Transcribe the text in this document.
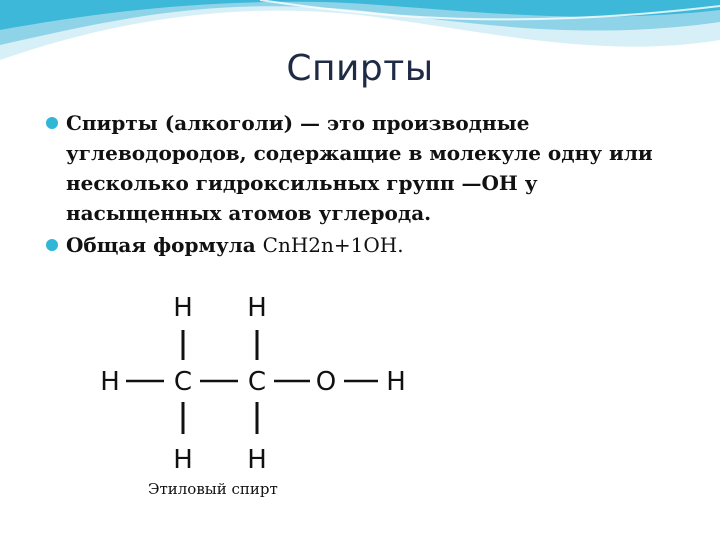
Спирты
Спирты (алкоголи) — это производные углеводородов, содержащие в молекуле одну или несколько гидроксильных групп —ОН у насыщенных атомов углерода.
Общая формула CnH2n+1OH.
H H
H C C O H
H H
Этиловый спирт
